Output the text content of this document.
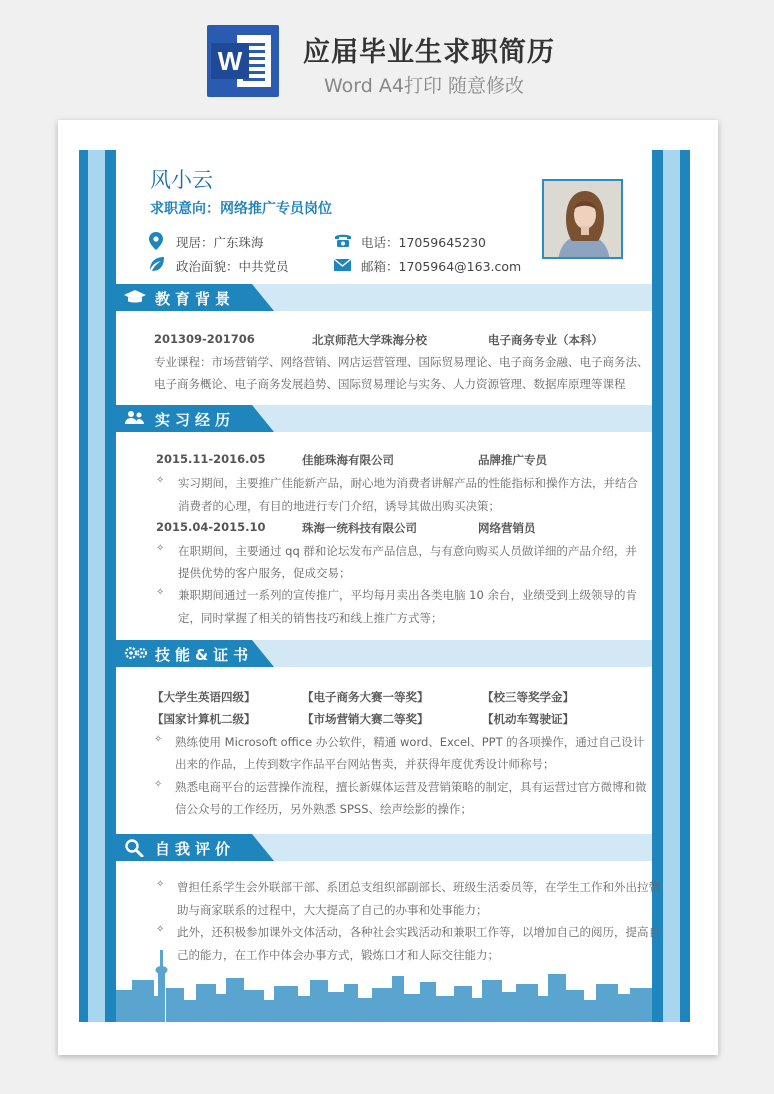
W 应届毕业生求职简历
Word A4打印 随意修改
风小云
求职意向：网络推广专员岗位
现居：广东珠海	电话：17059645230
政治面貌：中共党员	邮箱：1705964@163.com
教育背景
201309-201706	北京师范大学珠海分校	电子商务专业（本科）
专业课程：市场营销学、网络营销、网店运营管理、国际贸易理论、电子商务金融、电子商务法、
电子商务概论、电子商务发展趋势、国际贸易理论与实务、人力资源管理、数据库原理等课程
实习经历
2015.11-2016.05	佳能珠海有限公司	品牌推广专员
✧ 实习期间，主要推广佳能新产品，耐心地为消费者讲解产品的性能指标和操作方法，并结合
消费者的心理，有目的地进行专门介绍，诱导其做出购买决策；
2015.04-2015.10	珠海一统科技有限公司	网络营销员
✧ 在职期间，主要通过 qq 群和论坛发布产品信息，与有意向购买人员做详细的产品介绍，并
提供优势的客户服务，促成交易；
✧ 兼职期间通过一系列的宣传推广，平均每月卖出各类电脑 10 余台，业绩受到上级领导的肯
定，同时掌握了相关的销售技巧和线上推广方式等；
技能&证书
【大学生英语四级】	【电子商务大赛一等奖】	【校三等奖学金】
【国家计算机二级】	【市场营销大赛二等奖】	【机动车驾驶证】
✧ 熟练使用 Microsoft office 办公软件，精通 word、Excel、PPT 的各项操作，通过自己设计
出来的作品，上传到数字作品平台网站售卖，并获得年度优秀设计师称号；
✧ 熟悉电商平台的运营操作流程，擅长新媒体运营及营销策略的制定，具有运营过官方微博和微
信公众号的工作经历，另外熟悉 SPSS、绘声绘影的操作；
自我评价
✧ 曾担任系学生会外联部干部、系团总支组织部副部长、班级生活委员等，在学生工作和外出拉赞
助与商家联系的过程中，大大提高了自己的办事和处事能力；
✧ 此外，还积极参加课外文体活动，各种社会实践活动和兼职工作等，以增加自己的阅历，提高自
己的能力，在工作中体会办事方式，锻炼口才和人际交往能力；
